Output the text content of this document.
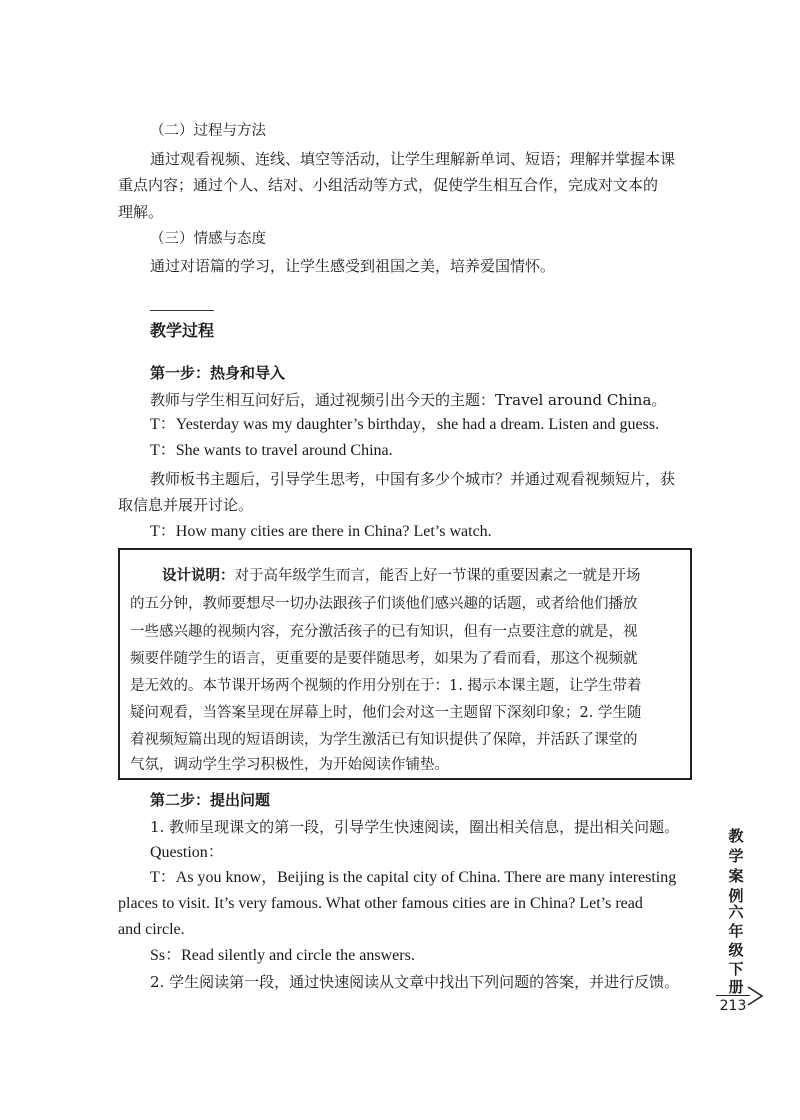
（二）过程与方法
通过观看视频、连线、填空等活动，让学生理解新单词、短语；理解并掌握本课
重点内容；通过个人、结对、小组活动等方式，促使学生相互合作，完成对文本的
理解。
（三）情感与态度
通过对语篇的学习，让学生感受到祖国之美，培养爱国情怀。
教学过程
第一步：热身和导入
教师与学生相互问好后，通过视频引出今天的主题：Travel around China。
T：Yesterday was my daughter’s birthday，she had a dream. Listen and guess.
T：She wants to travel around China.
教师板书主题后，引导学生思考，中国有多少个城市？并通过观看视频短片，获
取信息并展开讨论。
T：How many cities are there in China? Let’s watch.
设计说明：对于高年级学生而言，能否上好一节课的重要因素之一就是开场
的五分钟，教师要想尽一切办法跟孩子们谈他们感兴趣的话题，或者给他们播放
一些感兴趣的视频内容，充分激活孩子的已有知识，但有一点要注意的就是，视
频要伴随学生的语言，更重要的是要伴随思考，如果为了看而看，那这个视频就
是无效的。本节课开场两个视频的作用分别在于：1. 揭示本课主题，让学生带着
疑问观看，当答案呈现在屏幕上时，他们会对这一主题留下深刻印象；2. 学生随
着视频短篇出现的短语朗读，为学生激活已有知识提供了保障，并活跃了课堂的
气氛，调动学生学习积极性，为开始阅读作铺垫。
第二步：提出问题
1. 教师呈现课文的第一段，引导学生快速阅读，圈出相关信息，提出相关问题。
Question：
T：As you know，Beijing is the capital city of China. There are many interesting
places to visit. It’s very famous. What other famous cities are in China? Let’s read
and circle.
Ss：Read silently and circle the answers.
2. 学生阅读第一段，通过快速阅读从文章中找出下列问题的答案，并进行反馈。
教
学
案
例
六
年
级
下
册
213
